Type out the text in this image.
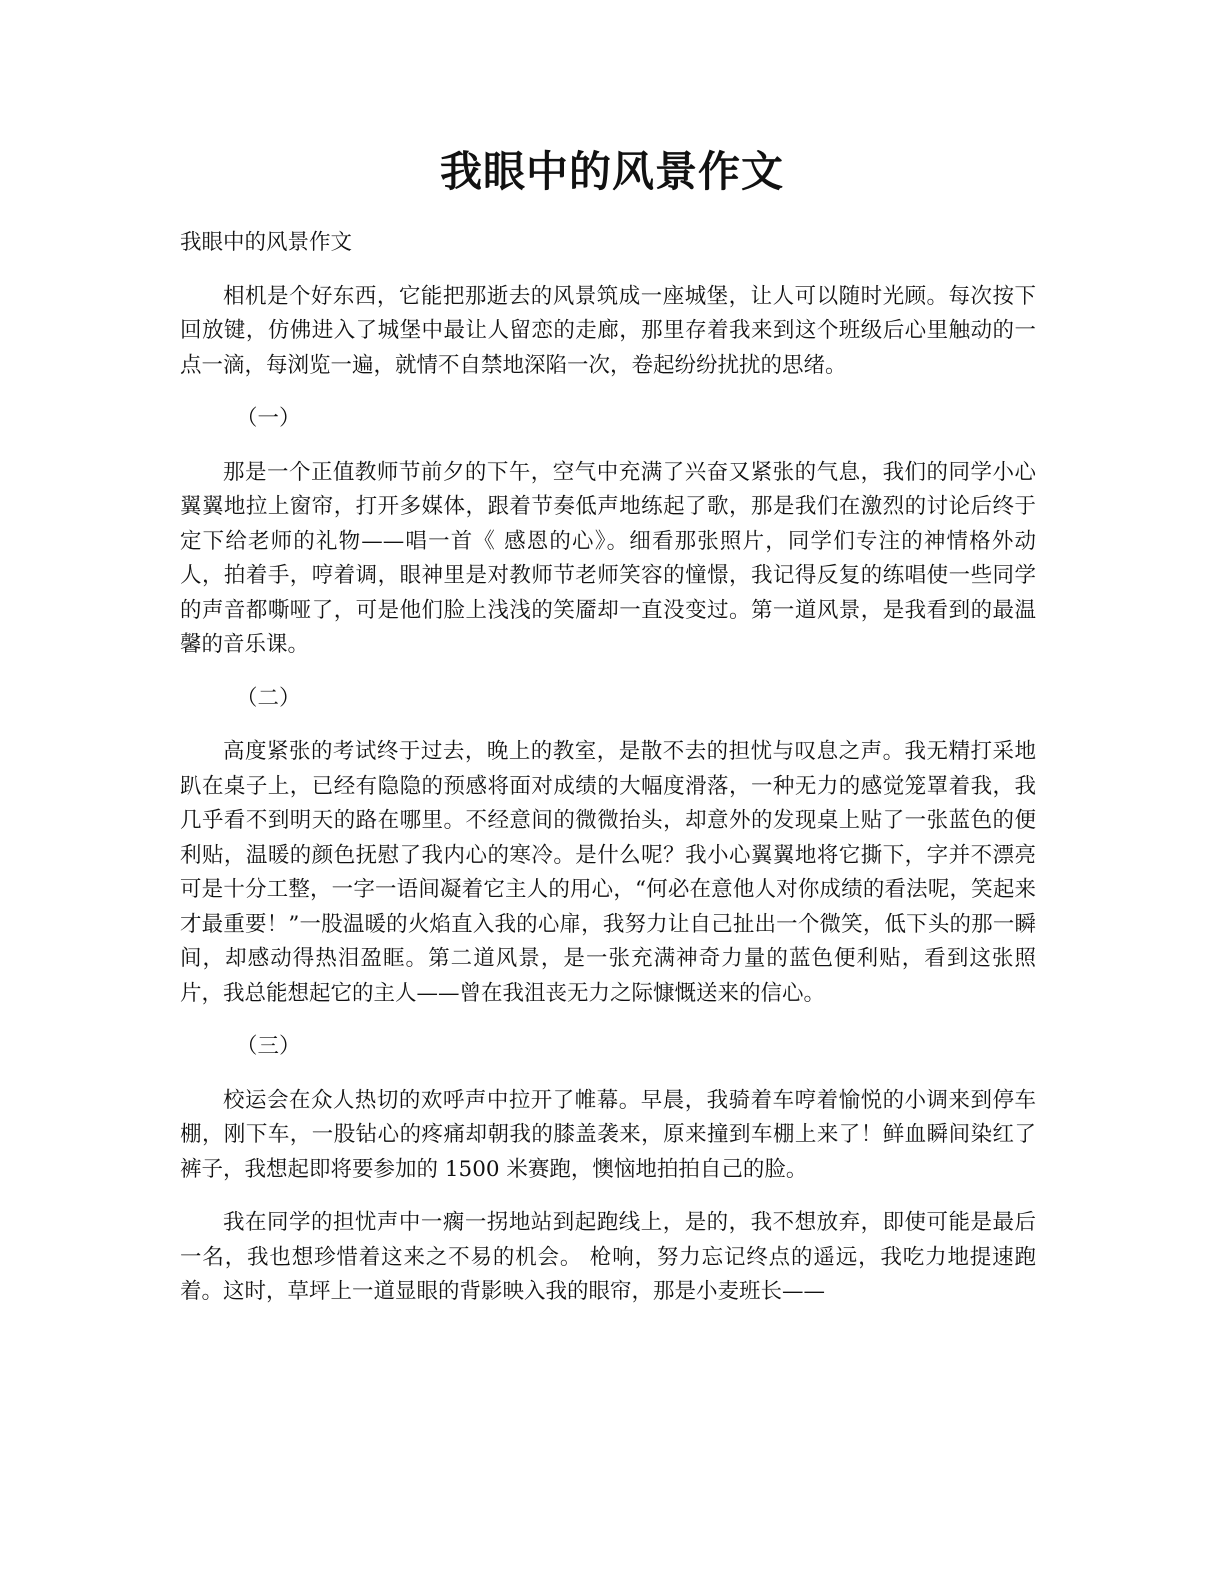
我眼中的风景作文

我眼中的风景作文

相机是个好东西，它能把那逝去的风景筑成一座城堡，让人可以随时光顾。每次按下回放键，仿佛进入了城堡中最让人留恋的走廊，那里存着我来到这个班级后心里触动的一点一滴，每浏览一遍，就情不自禁地深陷一次，卷起纷纷扰扰的思绪。

（一）

那是一个正值教师节前夕的下午，空气中充满了兴奋又紧张的气息，我们的同学小心翼翼地拉上窗帘，打开多媒体，跟着节奏低声地练起了歌，那是我们在激烈的讨论后终于定下给老师的礼物——唱一首《 感恩的心》。细看那张照片，同学们专注的神情格外动人，拍着手，哼着调，眼神里是对教师节老师笑容的憧憬，我记得反复的练唱使一些同学的声音都嘶哑了，可是他们脸上浅浅的笑靥却一直没变过。第一道风景，是我看到的最温馨的音乐课。

（二）

高度紧张的考试终于过去，晚上的教室，是散不去的担忧与叹息之声。我无精打采地趴在桌子上，已经有隐隐的预感将面对成绩的大幅度滑落，一种无力的感觉笼罩着我，我几乎看不到明天的路在哪里。不经意间的微微抬头，却意外的发现桌上贴了一张蓝色的便利贴，温暖的颜色抚慰了我内心的寒冷。是什么呢？我小心翼翼地将它撕下，字并不漂亮可是十分工整，一字一语间凝着它主人的用心，“何必在意他人对你成绩的看法呢，笑起来才最重要！”一股温暖的火焰直入我的心扉，我努力让自己扯出一个微笑，低下头的那一瞬间，却感动得热泪盈眶。第二道风景，是一张充满神奇力量的蓝色便利贴，看到这张照片，我总能想起它的主人——曾在我沮丧无力之际慷慨送来的信心。

（三）

校运会在众人热切的欢呼声中拉开了帷幕。早晨，我骑着车哼着愉悦的小调来到停车棚，刚下车，一股钻心的疼痛却朝我的膝盖袭来，原来撞到车棚上来了！鲜血瞬间染红了裤子，我想起即将要参加的 1500 米赛跑，懊恼地拍拍自己的脸。

我在同学的担忧声中一瘸一拐地站到起跑线上，是的，我不想放弃，即使可能是最后一名，我也想珍惜着这来之不易的机会。 枪响，努力忘记终点的遥远，我吃力地提速跑着。这时，草坪上一道显眼的背影映入我的眼帘，那是小麦班长——
